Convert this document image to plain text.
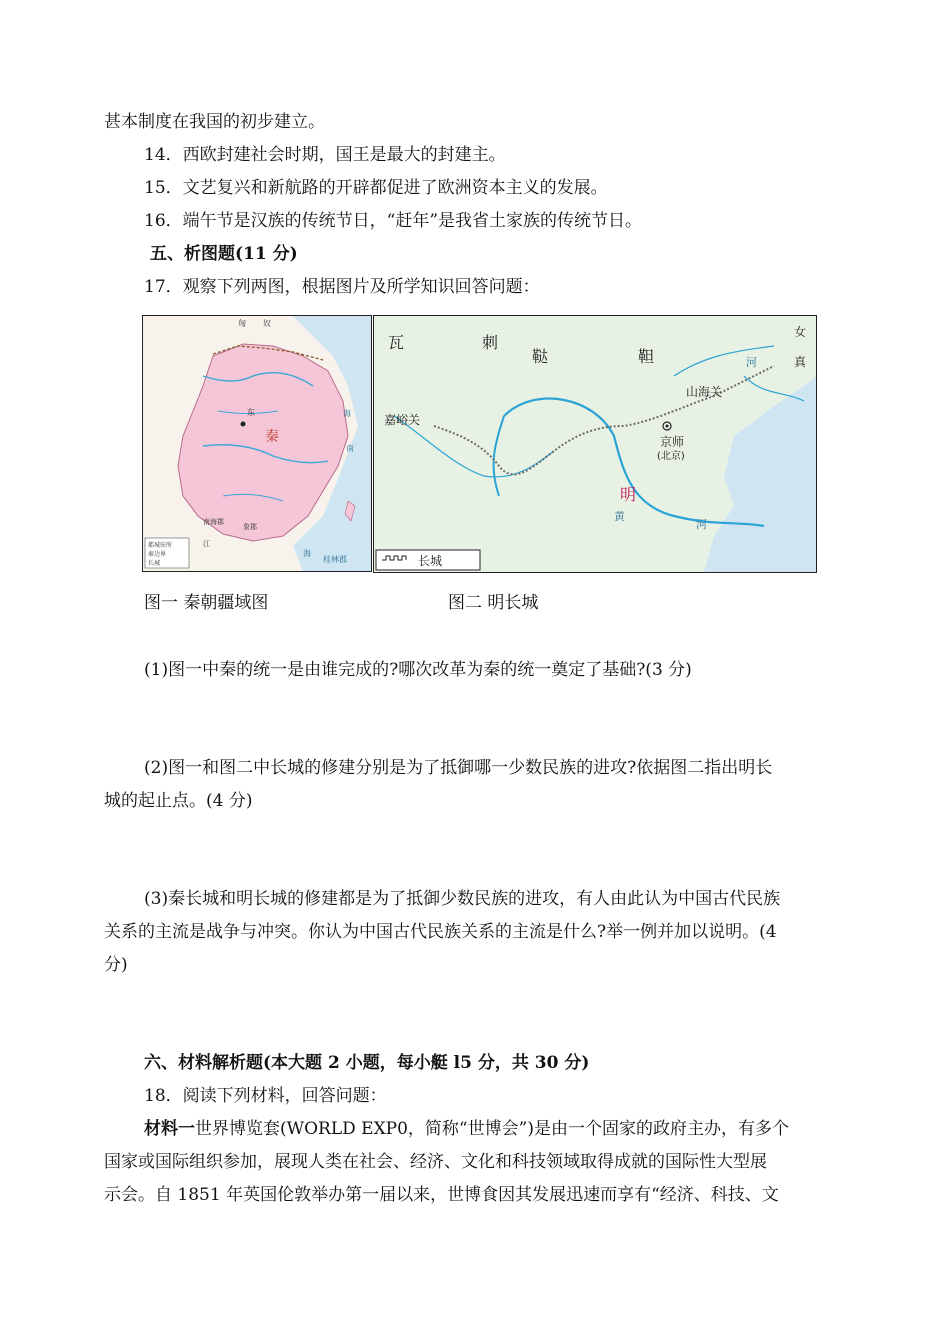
甚本制度在我国的初步建立。
14．西欧封建社会时期，国王是最大的封建主。
15．文艺复兴和新航路的开辟都促进了欧洲资本主义的发展。
16．端午节是汉族的传统节日，“赶年”是我省土家族的传统节日。
五、析图题(11 分)
17．观察下列两图，根据图片及所学知识回答问题：
东
匈 奴
秦
海
南
海
桂林郡
南海郡
象郡
江
都城驻所
秦边界
长城
瓦	刺
鞑	靼
女
真
山海关
嘉峪关
京师
(北京)
明
黄
河
河
长城
图一 秦朝疆域图	图二 明长城
(1)图一中秦的统一是由谁完成的?哪次改革为秦的统一奠定了基础?(3 分)
(2)图一和图二中长城的修建分别是为了抵御哪一少数民族的进攻?依据图二指出明长
城的起止点。(4 分)
(3)秦长城和明长城的修建都是为了抵御少数民族的进攻，有人由此认为中国古代民族
关系的主流是战争与冲突。你认为中国古代民族关系的主流是什么?举一例并加以说明。(4
分)
六、材料解析题(本大题 2 小题，每小艇 l5 分，共 30 分)
18．阅读下列材料，回答问题：
材料一世界博览套(WORLD EXP0，简称“世博会”)是由一个固家的政府主办，有多个
国家或国际组织参加，展现人类在社会、经济、文化和科技领域取得成就的国际性大型展
示会。自 1851 年英国伦敦举办第一届以来，世博食因其发展迅速而享有“经济、科技、文
